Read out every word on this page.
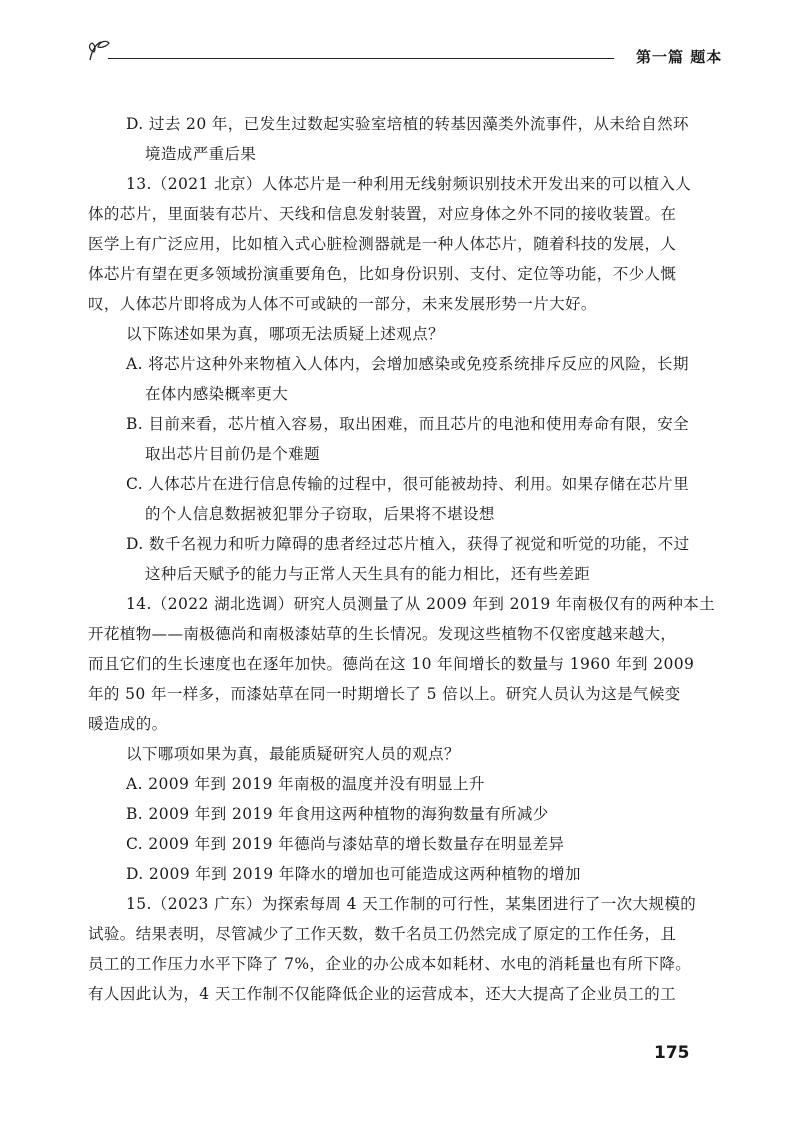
第一篇 题本
D. 过去 20 年，已发生过数起实验室培植的转基因藻类外流事件，从未给自然环
境造成严重后果
13.（2021 北京）人体芯片是一种利用无线射频识别技术开发出来的可以植入人
体的芯片，里面装有芯片、天线和信息发射装置，对应身体之外不同的接收装置。在
医学上有广泛应用，比如植入式心脏检测器就是一种人体芯片，随着科技的发展，人
体芯片有望在更多领域扮演重要角色，比如身份识别、支付、定位等功能，不少人慨
叹，人体芯片即将成为人体不可或缺的一部分，未来发展形势一片大好。
以下陈述如果为真，哪项无法质疑上述观点？
A. 将芯片这种外来物植入人体内，会增加感染或免疫系统排斥反应的风险，长期
在体内感染概率更大
B. 目前来看，芯片植入容易，取出困难，而且芯片的电池和使用寿命有限，安全
取出芯片目前仍是个难题
C. 人体芯片在进行信息传输的过程中，很可能被劫持、利用。如果存储在芯片里
的个人信息数据被犯罪分子窃取，后果将不堪设想
D. 数千名视力和听力障碍的患者经过芯片植入，获得了视觉和听觉的功能，不过
这种后天赋予的能力与正常人天生具有的能力相比，还有些差距
14.（2022 湖北选调）研究人员测量了从 2009 年到 2019 年南极仅有的两种本土
开花植物——南极德尚和南极漆姑草的生长情况。发现这些植物不仅密度越来越大，
而且它们的生长速度也在逐年加快。德尚在这 10 年间增长的数量与 1960 年到 2009
年的 50 年一样多，而漆姑草在同一时期增长了 5 倍以上。研究人员认为这是气候变
暖造成的。
以下哪项如果为真，最能质疑研究人员的观点？
A. 2009 年到 2019 年南极的温度并没有明显上升
B. 2009 年到 2019 年食用这两种植物的海狗数量有所减少
C. 2009 年到 2019 年德尚与漆姑草的增长数量存在明显差异
D. 2009 年到 2019 年降水的增加也可能造成这两种植物的增加
15.（2023 广东）为探索每周 4 天工作制的可行性，某集团进行了一次大规模的
试验。结果表明，尽管减少了工作天数，数千名员工仍然完成了原定的工作任务，且
员工的工作压力水平下降了 7%，企业的办公成本如耗材、水电的消耗量也有所下降。
有人因此认为，4 天工作制不仅能降低企业的运营成本，还大大提高了企业员工的工
175
